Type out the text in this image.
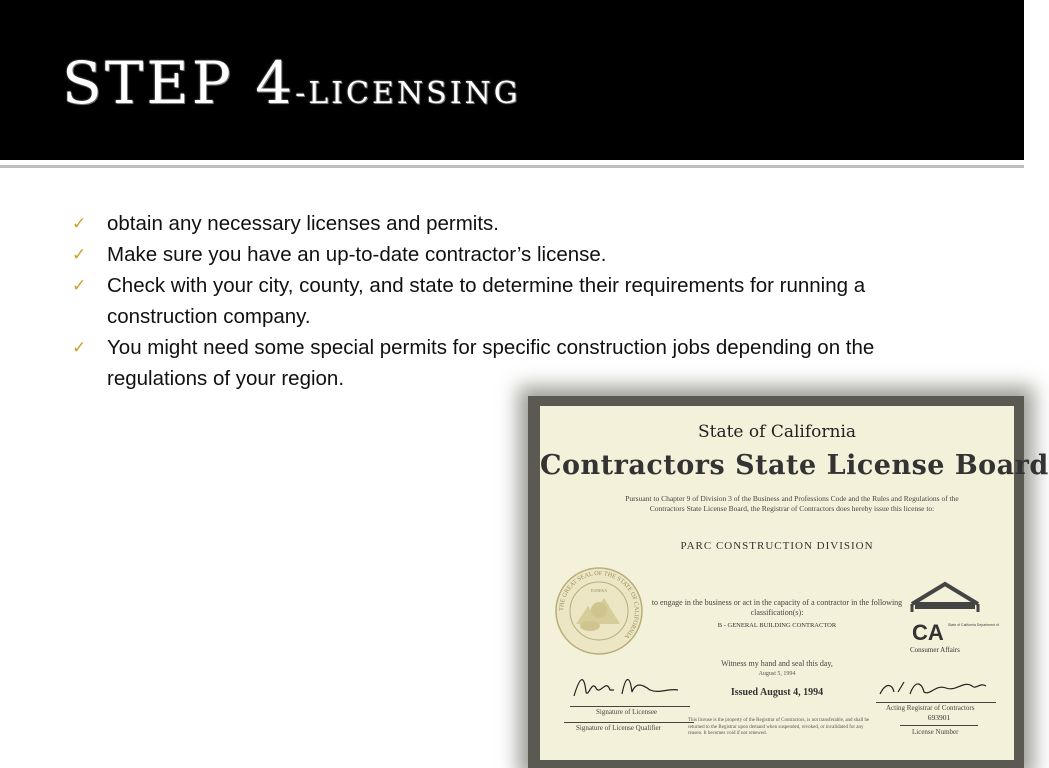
STEP 4-LICENSING
✓ obtain any necessary licenses and permits.
✓ Make sure you have an up-to-date contractor’s license.
✓ Check with your city, county, and state to determine their requirements for running a construction company.
✓ You might need some special permits for specific construction jobs depending on the regulations of your region.
State of California
Contractors State License Board
Pursuant to Chapter 9 of Division 3 of the Business and Professions Code and the Rules and Regulations of the Contractors State License Board, the Registrar of Contractors does hereby issue this license to:
PARC CONSTRUCTION DIVISION
THE GREAT SEAL OF THE STATE OF CALIFORNIA
EUREKA
to engage in the business or act in the capacity of a contractor in the following classification(s):
B - GENERAL BUILDING CONTRACTOR
CSLB
CA State of California Department of
Consumer Affairs
Witness my hand and seal this day,
August 5, 1994
Issued August 4, 1994
Signature of Licensee	Acting Registrar of Contractors
Signature of License Qualifier
This license is the property of the Registrar of Contractors, is not transferable, and shall be returned to the Registrar upon demand when suspended, revoked, or invalidated for any reason. It becomes void if not renewed.
693901
License Number
